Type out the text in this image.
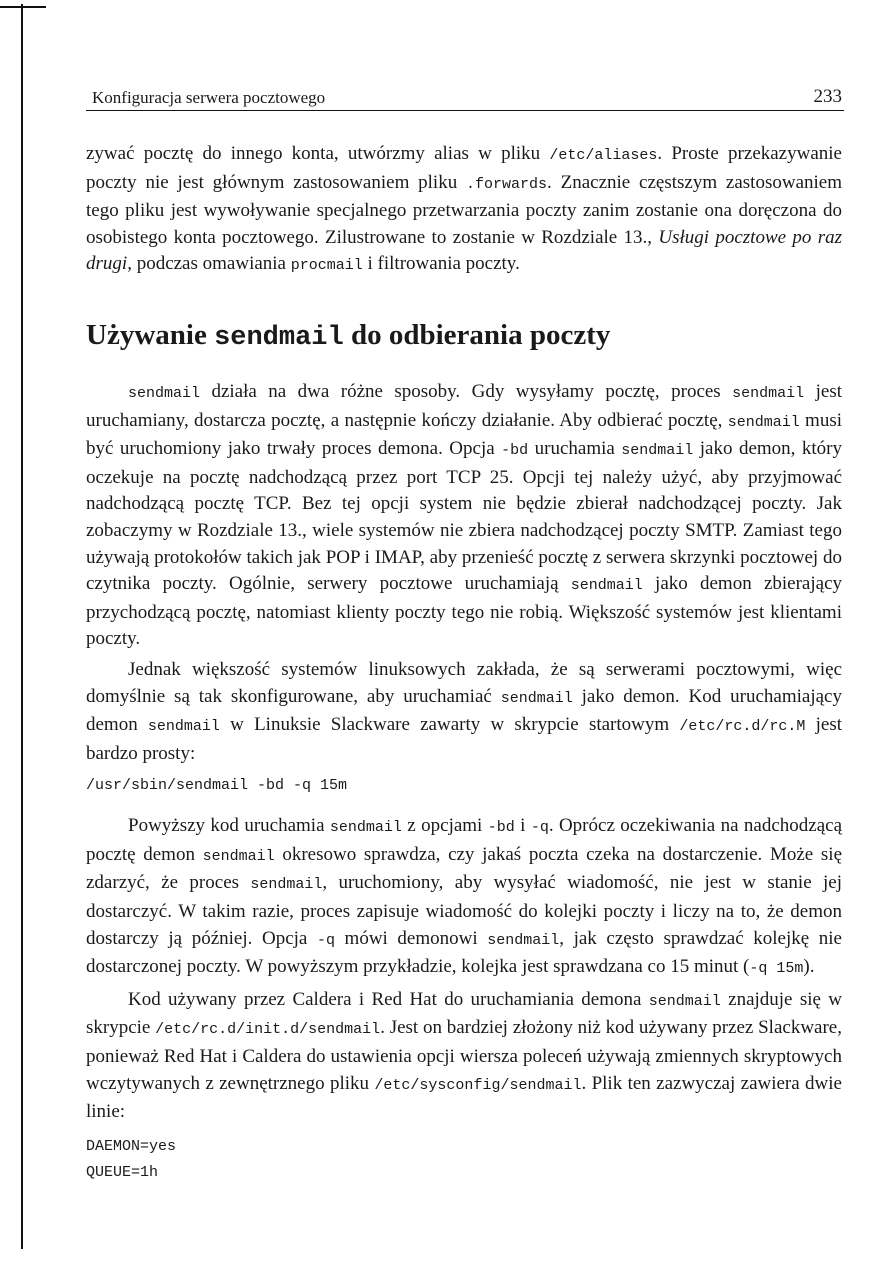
Konfiguracja serwera pocztowego	233

zywać pocztę do innego konta, utwórzmy alias w pliku /etc/aliases. Proste przekazywanie poczty nie jest głównym zastosowaniem pliku .forwards. Znacznie częstszym zastosowaniem tego pliku jest wywoływanie specjalnego przetwarzania poczty zanim zostanie ona doręczona do osobistego konta pocztowego. Zilustrowane to zostanie w Rozdziale 13., Usługi pocztowe po raz drugi, podczas omawiania procmail i filtrowania poczty.

Używanie sendmail do odbierania poczty

sendmail działa na dwa różne sposoby. Gdy wysyłamy pocztę, proces sendmail jest uruchamiany, dostarcza pocztę, a następnie kończy działanie. Aby odbierać pocztę, sendmail musi być uruchomiony jako trwały proces demona. Opcja -bd uruchamia sendmail jako demon, który oczekuje na pocztę nadchodzącą przez port TCP 25. Opcji tej należy użyć, aby przyjmować nadchodzącą pocztę TCP. Bez tej opcji system nie będzie zbierał nadchodzącej poczty. Jak zobaczymy w Rozdziale 13., wiele systemów nie zbiera nadchodzącej poczty SMTP. Zamiast tego używają protokołów takich jak POP i IMAP, aby przenieść pocztę z serwera skrzynki pocztowej do czytnika poczty. Ogólnie, serwery pocztowe uruchamiają sendmail jako demon zbierający przychodzącą pocztę, natomiast klienty poczty tego nie robią. Większość systemów jest klientami poczty.

Jednak większość systemów linuksowych zakłada, że są serwerami pocztowymi, więc domyślnie są tak skonfigurowane, aby uruchamiać sendmail jako demon. Kod uruchamiający demon sendmail w Linuksie Slackware zawarty w skrypcie startowym /etc/rc.d/rc.M jest bardzo prosty:

/usr/sbin/sendmail -bd -q 15m

Powyższy kod uruchamia sendmail z opcjami -bd i -q. Oprócz oczekiwania na nadchodzącą pocztę demon sendmail okresowo sprawdza, czy jakaś poczta czeka na dostarczenie. Może się zdarzyć, że proces sendmail, uruchomiony, aby wysyłać wiadomość, nie jest w stanie jej dostarczyć. W takim razie, proces zapisuje wiadomość do kolejki poczty i liczy na to, że demon dostarczy ją później. Opcja -q mówi demonowi sendmail, jak często sprawdzać kolejkę nie dostarczonej poczty. W powyższym przykładzie, kolejka jest sprawdzana co 15 minut (-q 15m).

Kod używany przez Caldera i Red Hat do uruchamiania demona sendmail znajduje się w skrypcie /etc/rc.d/init.d/sendmail. Jest on bardziej złożony niż kod używany przez Slackware, ponieważ Red Hat i Caldera do ustawienia opcji wiersza poleceń używają zmiennych skryptowych wczytywanych z zewnętrznego pliku /etc/sysconfig/sendmail. Plik ten zazwyczaj zawiera dwie linie:

DAEMON=yes
QUEUE=1h
